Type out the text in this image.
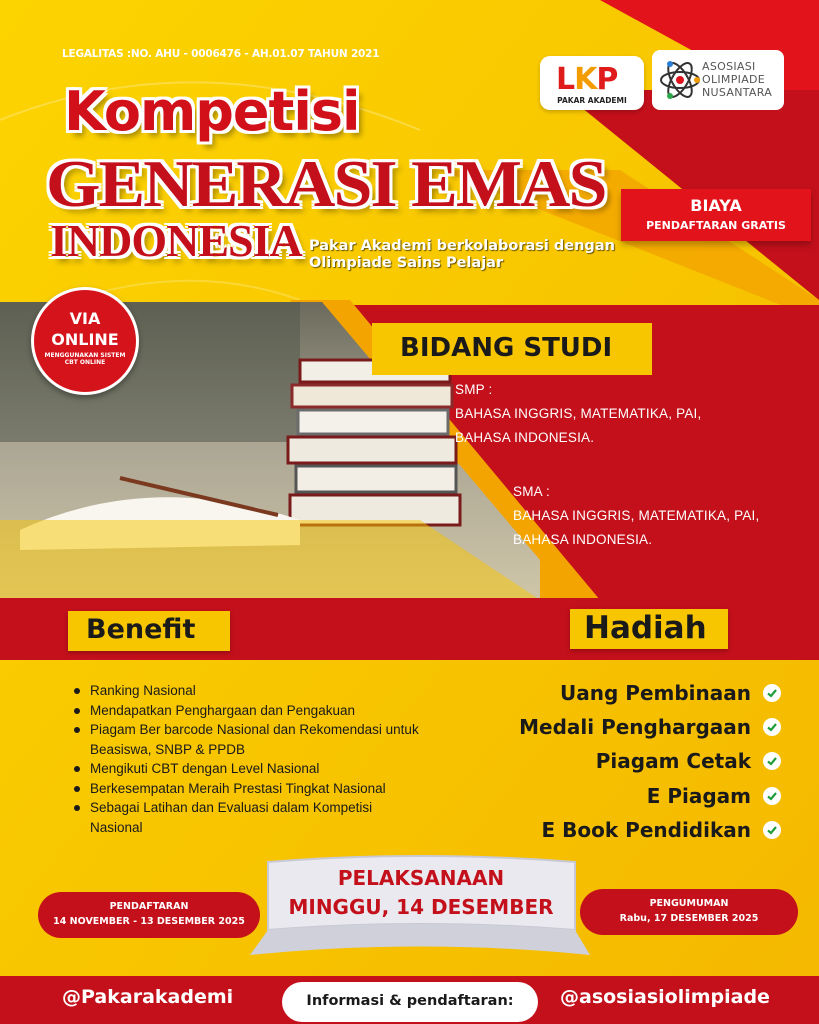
LEGALITAS :NO. AHU - 0006476 - AH.01.07 TAHUN 2021
Kompetisi
GENERASI EMAS
INDONESIA Pakar Akademi berkolaborasi dengan
Olimpiade Sains Pelajar
LKP
PAKAR AKADEMI
ASOSIASI
OLIMPIADE
NUSANTARA
BIAYA
PENDAFTARAN GRATIS
VIA
ONLINE
MENGGUNAKAN SISTEM CBT ONLINE	BIDANG STUDI
SMP :
BAHASA INGGRIS, MATEMATIKA, PAI,
BAHASA INDONESIA.
SMA :
BAHASA INGGRIS, MATEMATIKA, PAI,
BAHASA INDONESIA.
Benefit	Hadiah
Ranking Nasional
Mendapatkan Penghargaan dan Pengakuan
Piagam Ber barcode Nasional dan Rekomendasi untuk Beasiswa, SNBP & PPDB
Mengikuti CBT dengan Level Nasional
Berkesempatan Meraih Prestasi Tingkat Nasional
Sebagai Latihan dan Evaluasi dalam Kompetisi Nasional
Uang Pembinaan
Medali Penghargaan
Piagam Cetak
E Piagam
E Book Pendidikan
PENDAFTARAN
14 NOVEMBER - 13 DESEMBER 2025
PENGUMUMAN
Rabu, 17 DESEMBER 2025
PELAKSANAAN
MINGGU, 14 DESEMBER
@Pakarakademi	Informasi & pendaftaran:	@asosiasiolimpiade
